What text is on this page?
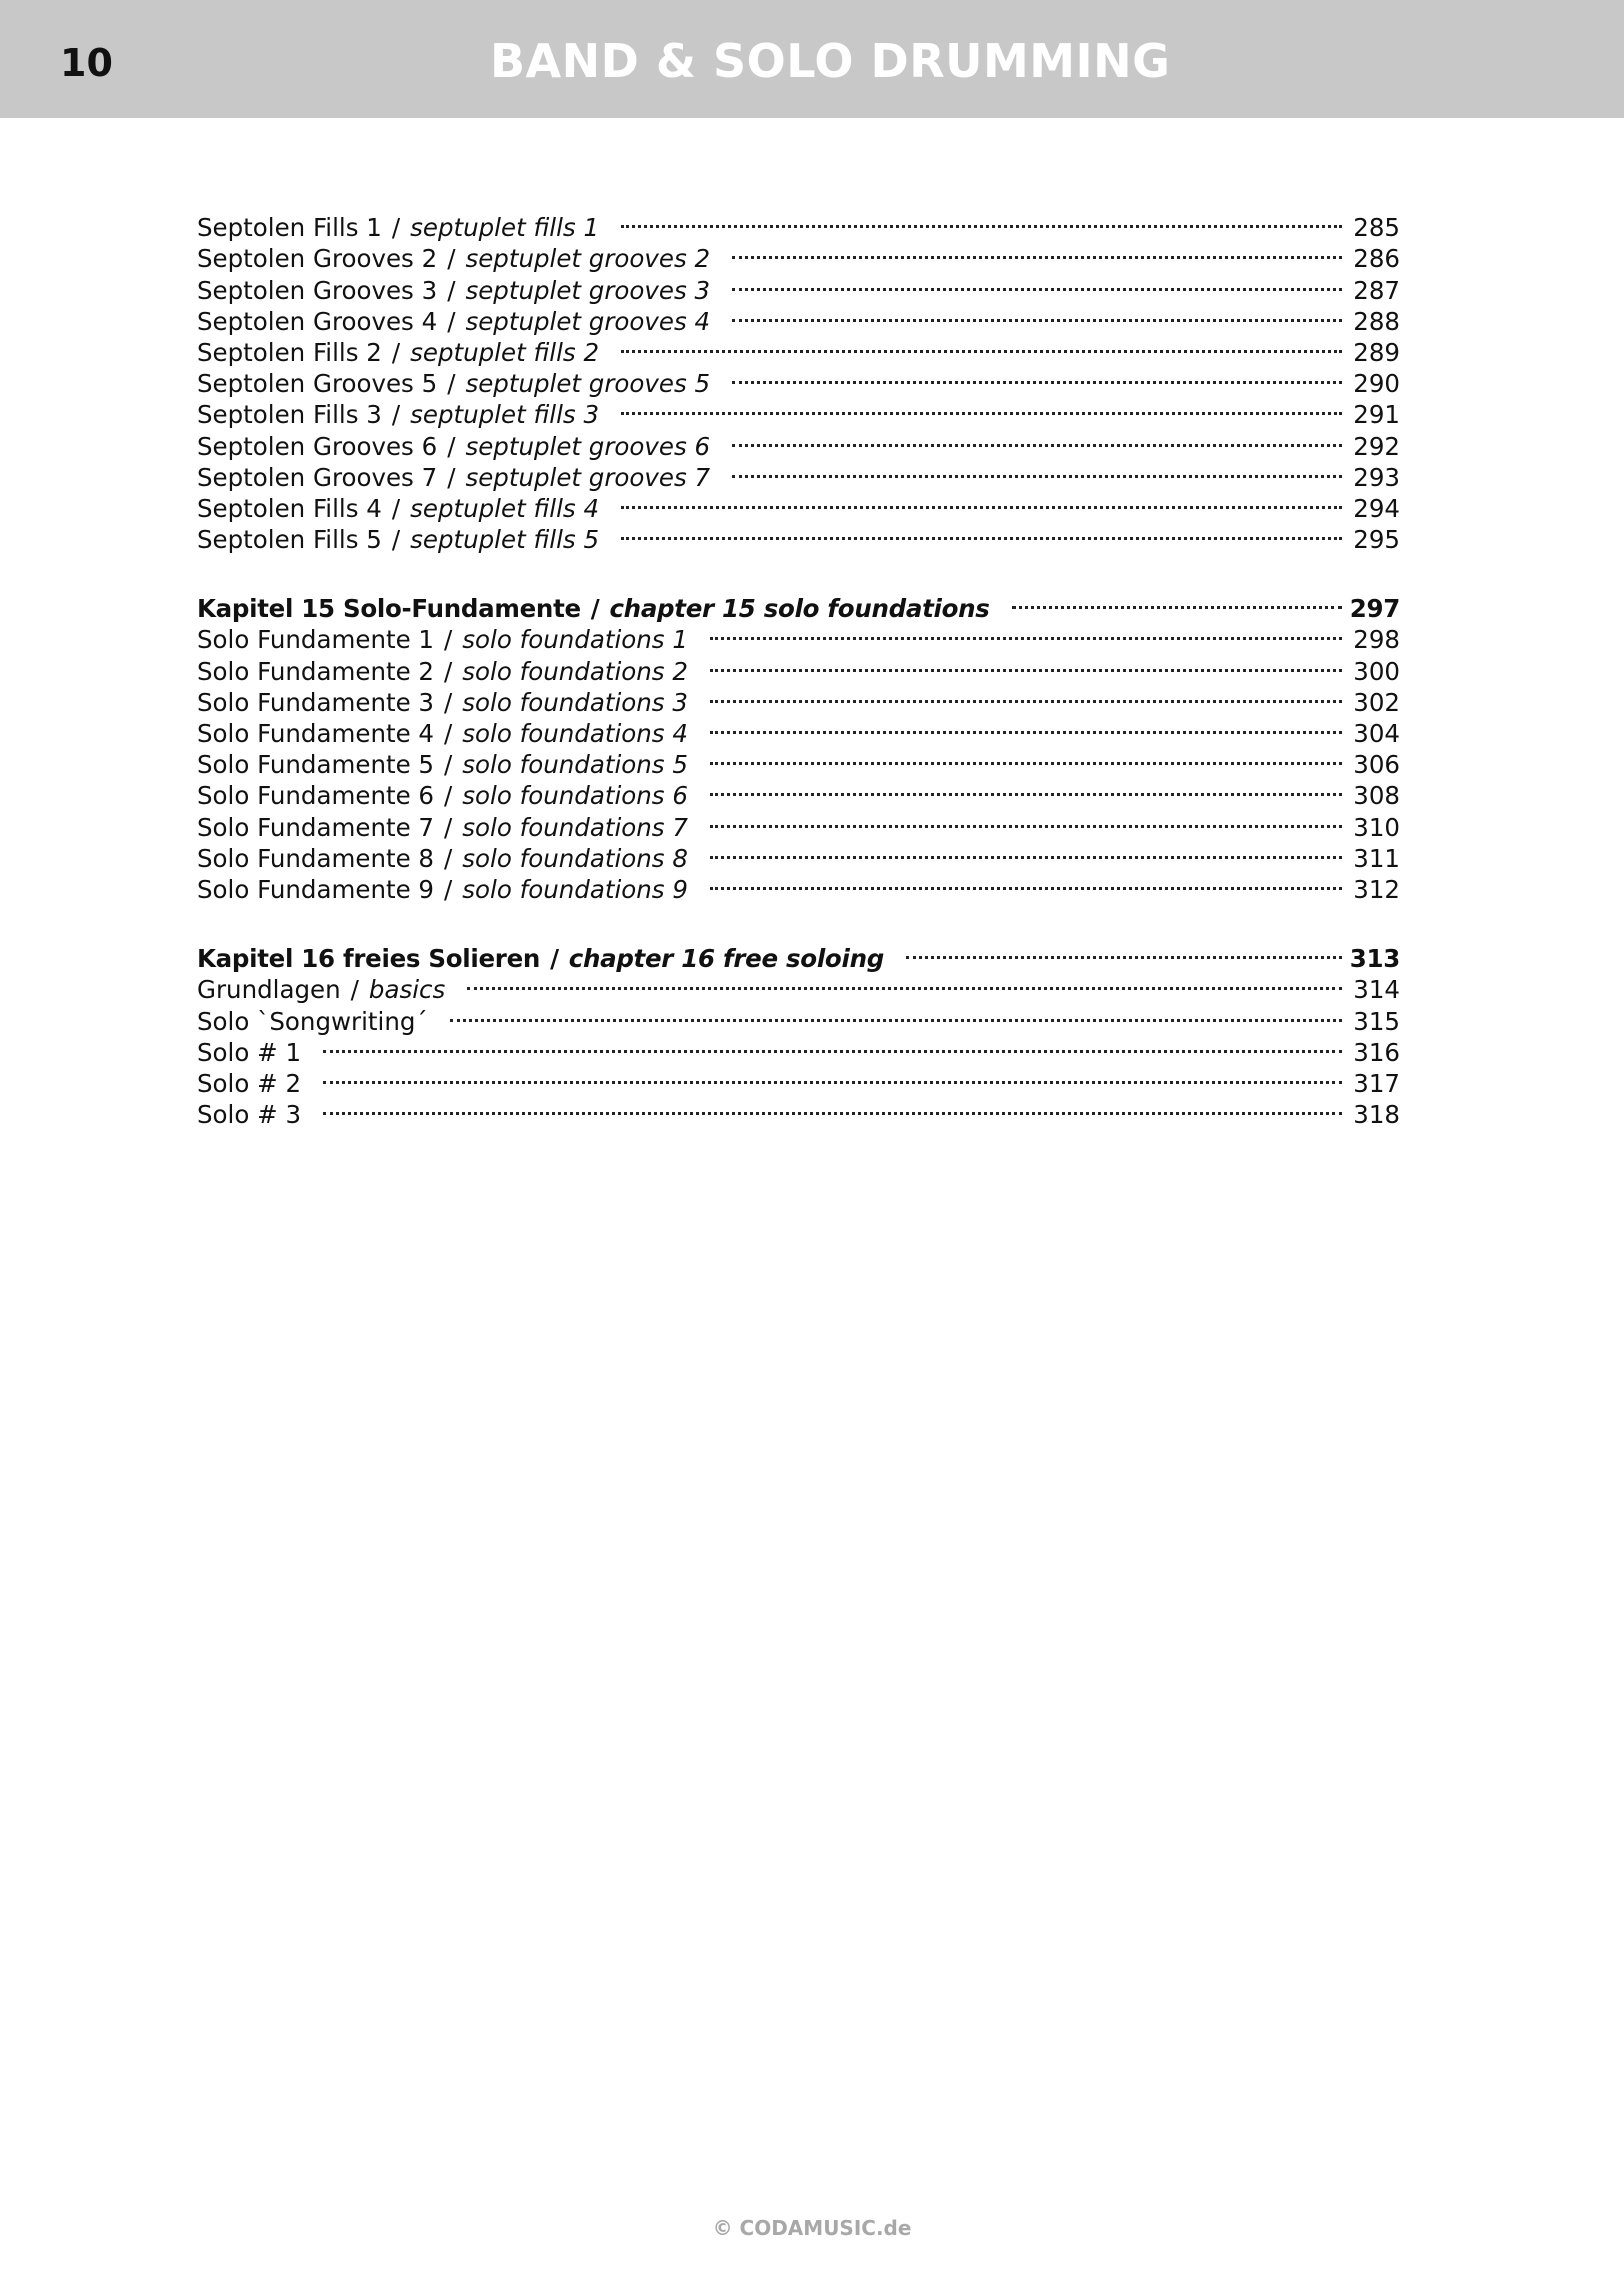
10	BAND & SOLO DRUMMING
Septolen Fills 1 / septuplet fills 1	285
Septolen Grooves 2 / septuplet grooves 2	286
Septolen Grooves 3 / septuplet grooves 3	287
Septolen Grooves 4 / septuplet grooves 4	288
Septolen Fills 2 / septuplet fills 2	289
Septolen Grooves 5 / septuplet grooves 5	290
Septolen Fills 3 / septuplet fills 3	291
Septolen Grooves 6 / septuplet grooves 6	292
Septolen Grooves 7 / septuplet grooves 7	293
Septolen Fills 4 / septuplet fills 4	294
Septolen Fills 5 / septuplet fills 5	295
Kapitel 15 Solo-Fundamente / chapter 15 solo foundations	297
Solo Fundamente 1 / solo foundations 1	298
Solo Fundamente 2 / solo foundations 2	300
Solo Fundamente 3 / solo foundations 3	302
Solo Fundamente 4 / solo foundations 4	304
Solo Fundamente 5 / solo foundations 5	306
Solo Fundamente 6 / solo foundations 6	308
Solo Fundamente 7 / solo foundations 7	310
Solo Fundamente 8 / solo foundations 8	311
Solo Fundamente 9 / solo foundations 9	312
Kapitel 16 freies Solieren / chapter 16 free soloing	313
Grundlagen / basics	314
Solo `Songwriting´	315
Solo # 1	316
Solo # 2	317
Solo # 3	318
© CODAMUSIC.de
